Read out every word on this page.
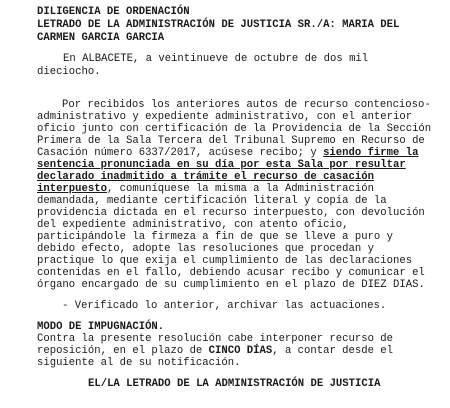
DILIGENCIA DE ORDENACIÓN
LETRADO DE LA ADMINISTRACIÓN DE JUSTICIA SR./A: MARIA DEL
CARMEN GARCIA GARCIA
En ALBACETE, a veintinueve de octubre de dos mil
dieciocho.
Por recibidos los anteriores autos de recurso contencioso-
administrativo y expediente administrativo, con el anterior
oficio junto con certificación de la Providencia de la Sección
Primera de la Sala Tercera del Tribunal Supremo en Recurso de
Casación número 6337/2017, acúsese recibo; y siendo firme la
sentencia pronunciada en su día por esta Sala por resultar
declarado inadmitido a trámite el recurso de casación
interpuesto, comuníquese la misma a la Administración
demandada, mediante certificación literal y copia de la
providencia dictada en el recurso interpuesto, con devolución
del expediente administrativo, con atento oficio,
participándole la firmeza a fin de que se lleve a puro y
debido efecto, adopte las resoluciones que procedan y
practique lo que exija el cumplimiento de las declaraciones
contenidas en el fallo, debiendo acusar recibo y comunicar el
órgano encargado de su cumplimiento en el plazo de DIEZ DIAS.
- Verificado lo anterior, archivar las actuaciones.
MODO DE IMPUGNACIÓN.
Contra la presente resolución cabe interponer recurso de
reposición, en el plazo de CINCO DÍAS, a contar desde el
siguiente al de su notificación.
EL/LA LETRADO DE LA ADMINISTRACIÓN DE JUSTICIA
